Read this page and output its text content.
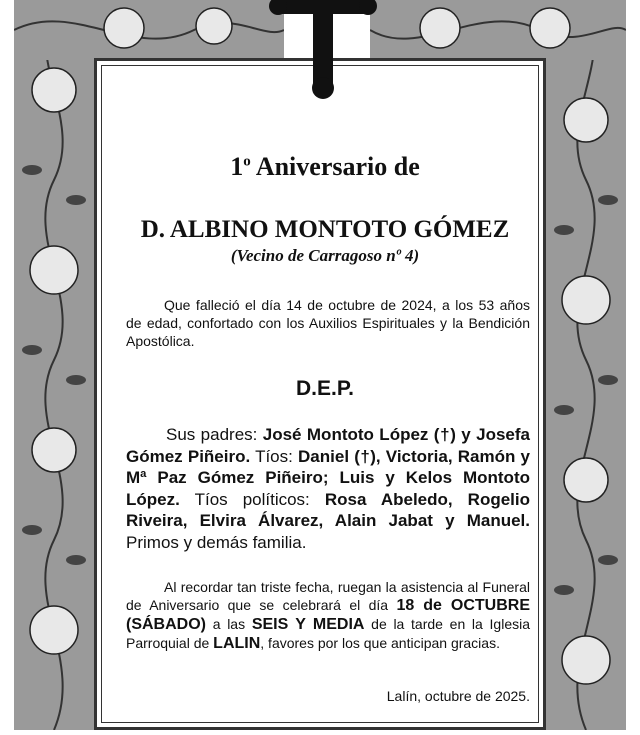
1$^o$ Aniversario de
D. ALBINO MONTOTO GÓMEZ
(Vecino de Carragoso nº 4)
Que falleció el día 14 de octubre de 2024, a los 53 años de edad, confortado con los Auxilios Espirituales y la Bendición Apostólica.
D.E.P.
Sus padres: José Montoto López (†) y Josefa Gómez Piñeiro. Tíos: Daniel (†), Victoria, Ramón y Mª Paz Gómez Piñeiro; Luis y Kelos Montoto López. Tíos políticos: Rosa Abeledo, Rogelio Riveira, Elvira Álvarez, Alain Jabat y Manuel. Primos y demás familia.
Al recordar tan triste fecha, ruegan la asistencia al Funeral de Aniversario que se celebrará el día 18 de OCTUBRE (SÁBADO) a las SEIS Y MEDIA de la tarde en la Iglesia Parroquial de LALIN, favores por los que anticipan gracias.
Lalín, octubre de 2025.
